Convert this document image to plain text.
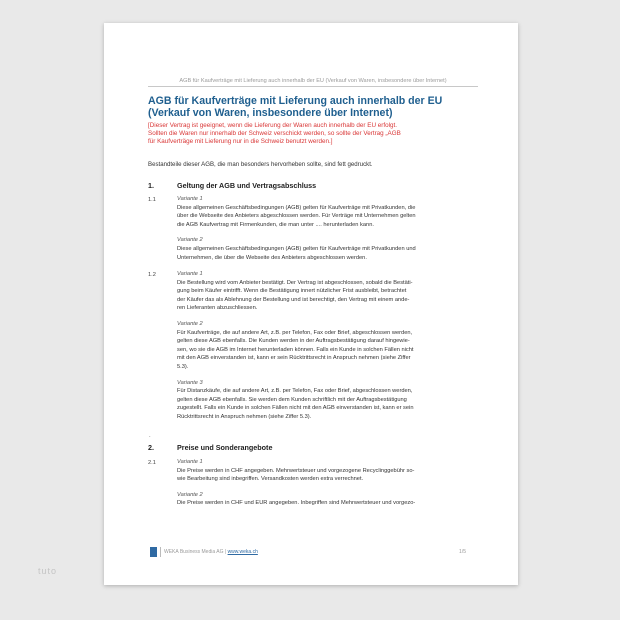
AGB für Kaufverträge mit Lieferung auch innerhalb der EU (Verkauf von Waren, insbesondere über Internet)
AGB für Kaufverträge mit Lieferung auch innerhalb der EU
(Verkauf von Waren, insbesondere über Internet)
[Dieser Vertrag ist geeignet, wenn die Lieferung der Waren auch innerhalb der EU erfolgt.
Sollten die Waren nur innerhalb der Schweiz verschickt werden, so sollte der Vertrag „AGB
für Kaufverträge mit Lieferung nur in die Schweiz benutzt werden.]
Bestandteile dieser AGB, die man besonders hervorheben sollte, sind fett gedruckt.
1.	Geltung der AGB und Vertragsabschluss
1.1	Variante 1
Diese allgemeinen Geschäftsbedingungen (AGB) gelten für Kaufverträge mit Privatkunden, die
über die Webseite des Anbieters abgeschlossen werden. Für Verträge mit Unternehmen gelten
die AGB Kaufvertrag mit Firmenkunden, die man unter .... herunterladen kann.
Variante 2
Diese allgemeinen Geschäftsbedingungen (AGB) gelten für Kaufverträge mit Privatkunden und
Unternehmen, die über die Webseite des Anbieters abgeschlossen werden.
1.2	Variante 1
Die Bestellung wird vom Anbieter bestätigt. Der Vertrag ist abgeschlossen, sobald die Bestäti-
gung beim Käufer eintrifft. Wenn die Bestätigung innert nützlicher Frist ausbleibt, betrachtet
der Käufer das als Ablehnung der Bestellung und ist berechtigt, den Vertrag mit einem ande-
ren Lieferanten abzuschliessen.
Variante 2
Für Kaufverträge, die auf andere Art, z.B. per Telefon, Fax oder Brief, abgeschlossen werden,
gelten diese AGB ebenfalls. Die Kunden werden in der Auftragsbestätigung darauf hingewie-
sen, wo sie die AGB im Internet herunterladen können. Falls ein Kunde in solchen Fällen nicht
mit den AGB einverstanden ist, kann er sein Rücktrittsrecht in Anspruch nehmen (siehe Ziffer
5.3).
Variante 3
Für Distanzkäufe, die auf andere Art, z.B. per Telefon, Fax oder Brief, abgeschlossen werden,
gelten diese AGB ebenfalls. Sie werden dem Kunden schriftlich mit der Auftragsbestätigung
zugestellt. Falls ein Kunde in solchen Fällen nicht mit den AGB einverstanden ist, kann er sein
Rücktrittsrecht in Anspruch nehmen (siehe Ziffer 5.3).
.
2.	Preise und Sonderangebote
2.1	Variante 1
Die Preise werden in CHF angegeben. Mehrwertsteuer und vorgezogene Recyclinggebühr so-
wie Bearbeitung sind inbegriffen. Versandkosten werden extra verrechnet.
Variante 2
Die Preise werden in CHF und EUR angegeben. Inbegriffen sind Mehrwertsteuer und vorgezo-
WEKA Business Media AG | www.weka.ch	1/5
tuto
